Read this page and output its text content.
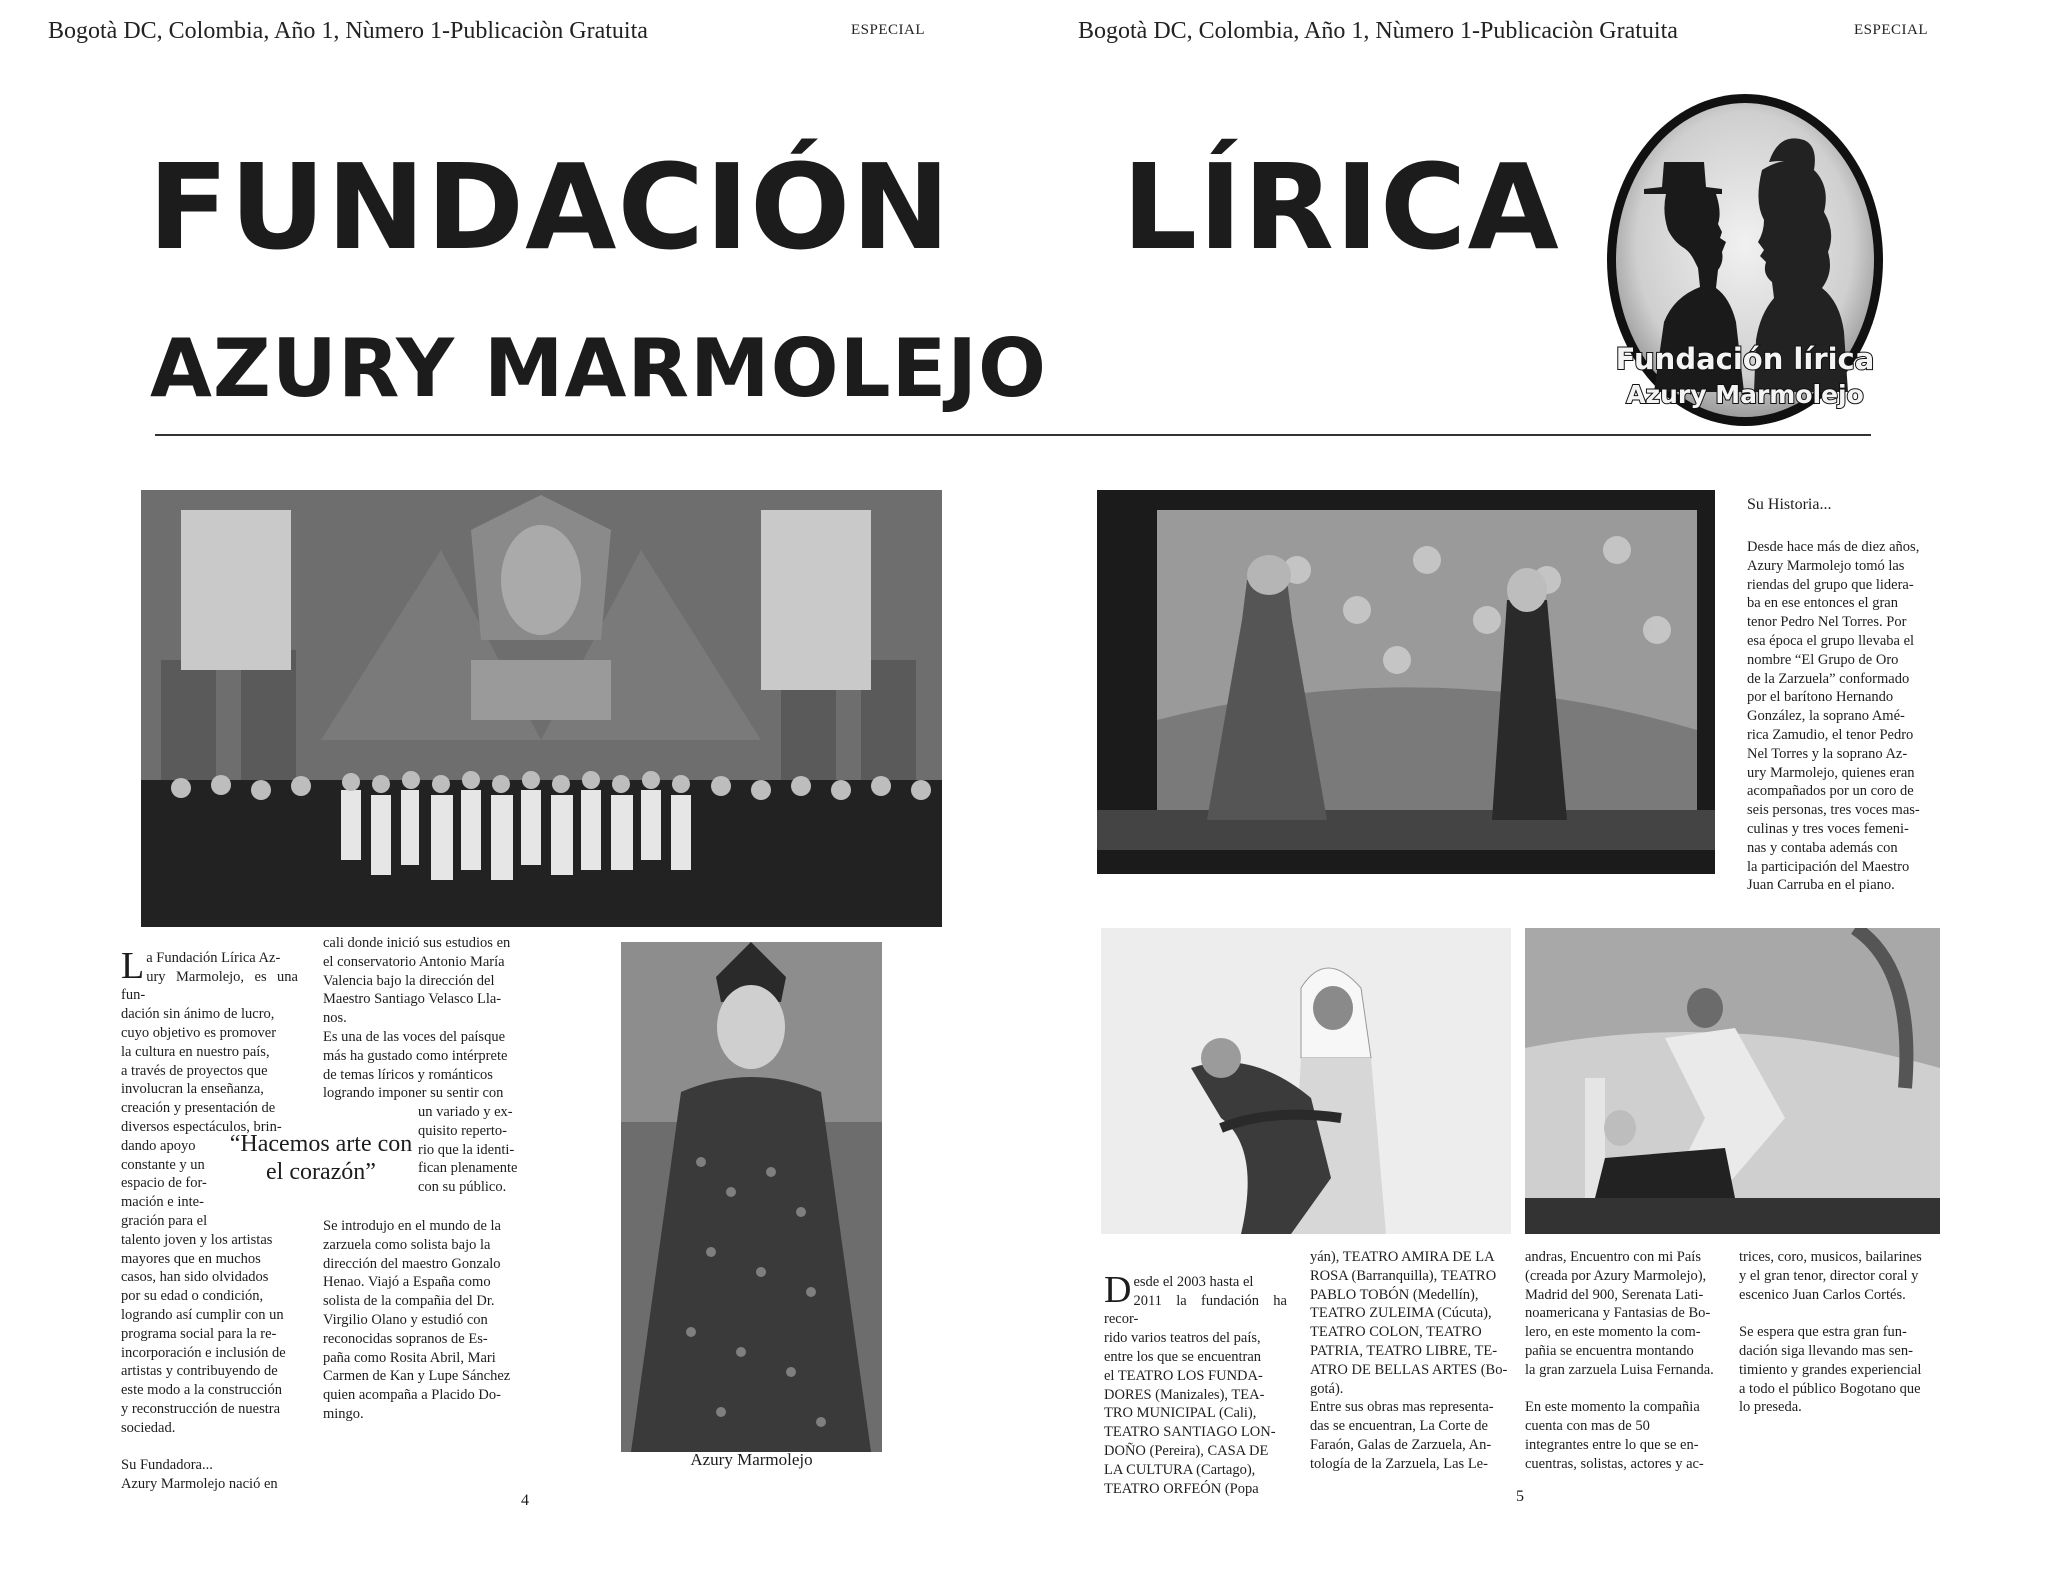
Bogotà DC, Colombia, Año 1, Nùmero 1-Publicaciòn Gratuita	ESPECIAL	Bogotà DC, Colombia, Año 1, Nùmero 1-Publicaciòn Gratuita	ESPECIAL
FUNDACIÓN LÍRICA
AZURY MARMOLEJO	Fundación lírica
Azury Marmolejo

La Fundación Lírica Az-
ury Marmolejo, es una fun-
dación sin ánimo de lucro,
cuyo objetivo es promover
la cultura en nuestro país,
a través de proyectos que
involucran la enseñanza,
creación y presentación de
diversos espectáculos, brin-
dando apoyo
constante y un
espacio de for-
mación e inte-
gración para el
talento joven y los artistas
mayores que en muchos
casos, han sido olvidados
por su edad o condición,
logrando así cumplir con un
programa social para la re-
incorporación e inclusión de
artistas y contribuyendo de
este modo a la construcción
y reconstrucción de nuestra
sociedad.

Su Fundadora...
Azury Marmolejo nació en

“Hacemos arte con
el corazón”
cali donde inició sus estudios en
el conservatorio Antonio María
Valencia bajo la dirección del
Maestro Santiago Velasco Lla-
nos.
Es una de las voces del paísque
más ha gustado como intérprete
de temas líricos y románticos
logrando imponer su sentir con
un variado y ex-
quisito reperto-
rio que la identi-
fican plenamente
con su público.
Se introdujo en el mundo de la
zarzuela como solista bajo la
dirección del maestro Gonzalo
Henao. Viajó a España como
solista de la compañia del Dr.
Virgilio Olano y estudió con
reconocidas sopranos de Es-
paña como Rosita Abril, Mari
Carmen de Kan y Lupe Sánchez
quien acompaña a Placido Do-
mingo.
Azury Marmolejo
4
Su Historia...
Desde hace más de diez años,
Azury Marmolejo tomó las
riendas del grupo que lidera-
ba en ese entonces el gran
tenor Pedro Nel Torres. Por
esa época el grupo llevaba el
nombre “El Grupo de Oro
de la Zarzuela” conformado
por el barítono Hernando
González, la soprano Amé-
rica Zamudio, el tenor Pedro
Nel Torres y la soprano Az-
ury Marmolejo, quienes eran
acompañados por un coro de
seis personas, tres voces mas-
culinas y tres voces femeni-
nas y contaba además con
la participación del Maestro
Juan Carruba en el piano.

Desde el 2003 hasta el
2011 la fundación ha recor-
rido varios teatros del país,
entre los que se encuentran
el TEATRO LOS FUNDA-
DORES (Manizales), TEA-
TRO MUNICIPAL (Cali),
TEATRO SANTIAGO LON-
DOÑO (Pereira), CASA DE
LA CULTURA (Cartago),
TEATRO ORFEÓN (Popa

yán), TEATRO AMIRA DE LA
ROSA (Barranquilla), TEATRO
PABLO TOBÓN (Medellín),
TEATRO ZULEIMA (Cúcuta),
TEATRO COLON, TEATRO
PATRIA, TEATRO LIBRE, TE-
ATRO DE BELLAS ARTES (Bo-
gotá).
Entre sus obras mas representa-
das se encuentran, La Corte de
Faraón, Galas de Zarzuela, An-
tología de la Zarzuela, Las Le-
andras, Encuentro con mi País
(creada por Azury Marmolejo),
Madrid del 900, Serenata Lati-
noamericana y Fantasias de Bo-
lero, en este momento la com-
pañia se encuentra montando
la gran zarzuela Luisa Fernanda.

En este momento la compañia
cuenta con mas de 50
integrantes entre lo que se en-
cuentras, solistas, actores y ac-
trices, coro, musicos, bailarines
y el gran tenor, director coral y
escenico Juan Carlos Cortés.

Se espera que estra gran fun-
dación siga llevando mas sen-
timiento y grandes experiencial
a todo el público Bogotano que
lo preseda.
5
